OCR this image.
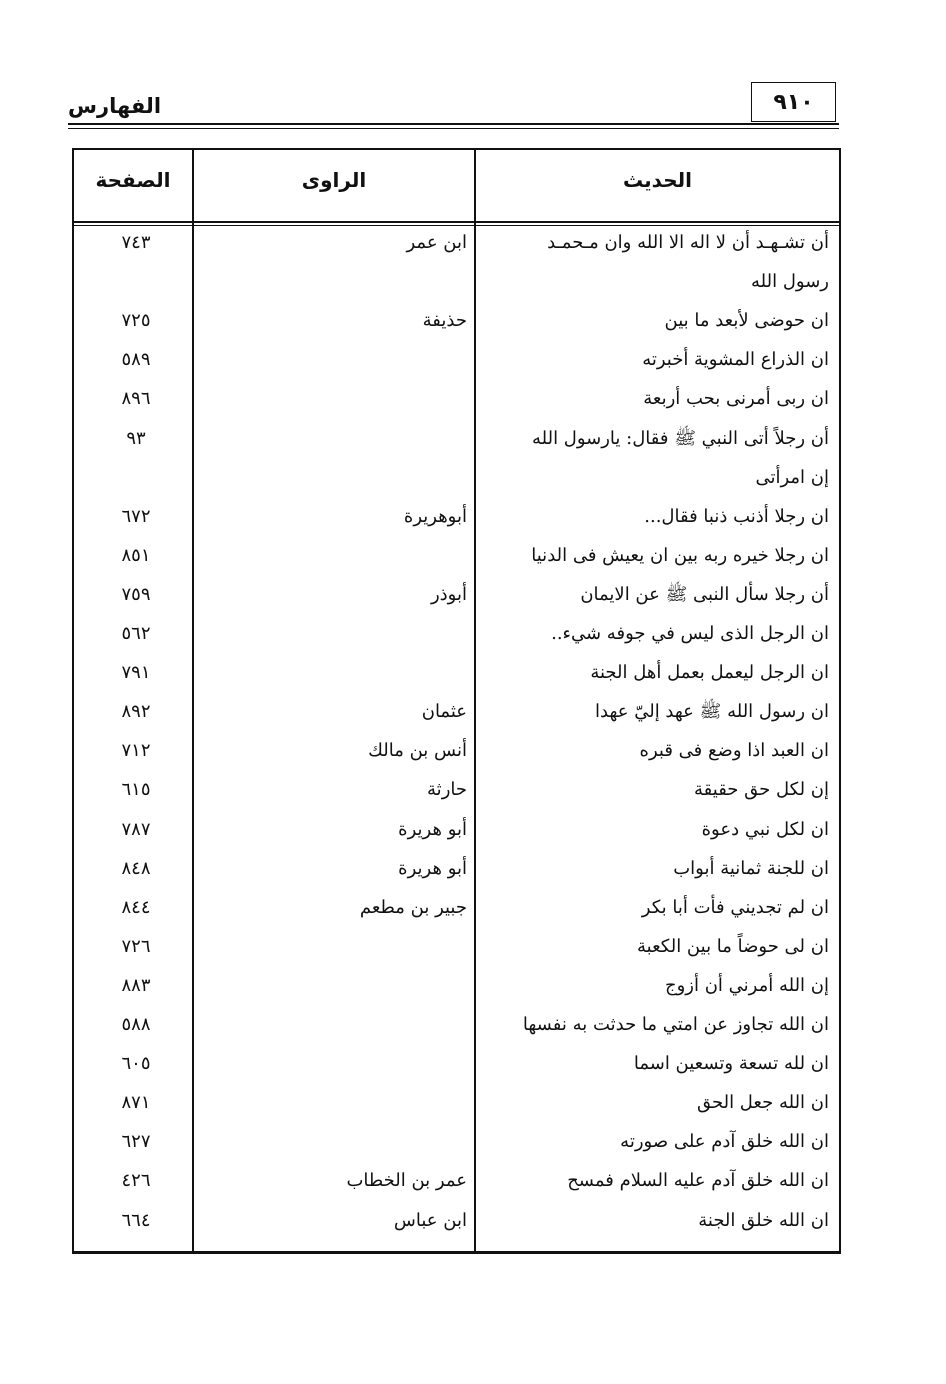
الفهارس	٩١٠
الحديث
الراوى
الصفحة
أن تشـهـد أن لا اله الا الله وان مـحمـد
ابن عمر
٧٤٣
رسول الله
ان حوضى لأبعد ما بين
حذيفة
٧٢٥
ان الذراع المشوية أخبرته
٥٨٩
ان ربى أمرنى بحب أربعة
٨٩٦
أن رجلاً أتى النبي ﷺ فقال: يارسول الله
٩٣
إن امرأتى
ان رجلا أذنب ذنبا فقال...
أبوهريرة
٦٧٢
ان رجلا خيره ربه بين ان يعيش فى الدنيا
٨٥١
أن رجلا سأل النبى ﷺ عن الايمان
أبوذر
٧٥٩
ان الرجل الذى ليس في جوفه شيء..
٥٦٢
ان الرجل ليعمل بعمل أهل الجنة
٧٩١
ان رسول الله ﷺ عهد إليّ عهدا
عثمان
٨٩٢
ان العبد اذا وضع فى قبره
أنس بن مالك
٧١٢
إن لكل حق حقيقة
حارثة
٦١٥
ان لكل نبي دعوة
أبو هريرة
٧٨٧
ان للجنة ثمانية أبواب
أبو هريرة
٨٤٨
ان لم تجديني فأت أبا بكر
جبير بن مطعم
٨٤٤
ان لى حوضاً ما بين الكعبة
٧٢٦
إن الله أمرني أن أزوج
٨٨٣
ان الله تجاوز عن امتي ما حدثت به نفسها
٥٨٨
ان لله تسعة وتسعين اسما
٦٠٥
ان الله جعل الحق
٨٧١
ان الله خلق آدم على صورته
٦٢٧
ان الله خلق آدم عليه السلام فمسح
عمر بن الخطاب
٤٢٦
ان الله خلق الجنة
ابن عباس
٦٦٤
